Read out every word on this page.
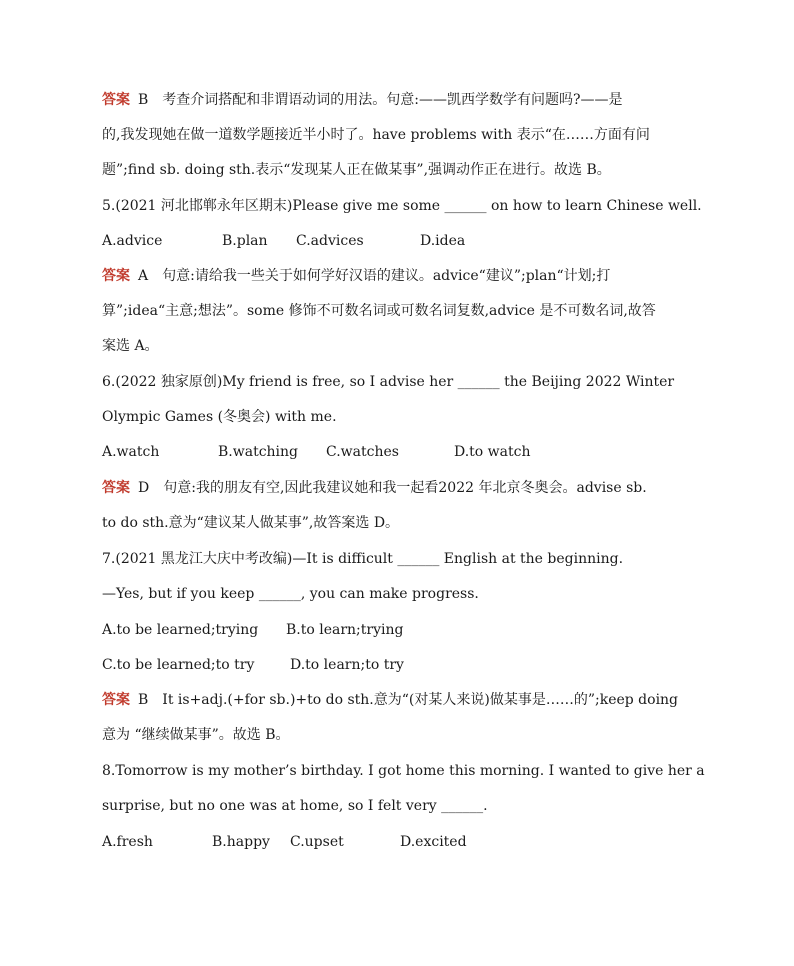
答案 B 考查介词搭配和非谓语动词的用法。句意:——凯西学数学有问题吗?——是
的,我发现她在做一道数学题接近半小时了。have problems with 表示“在……方面有问
题”;find sb. doing sth.表示“发现某人正在做某事”,强调动作正在进行。故选 B。
5.(2021 河北邯郸永年区期末)Please give me some ______ on how to learn Chinese well.
A.advice	B.plan C.advices	D.idea
答案 A 句意:请给我一些关于如何学好汉语的建议。advice“建议”;plan“计划;打
算”;idea“主意;想法”。some 修饰不可数名词或可数名词复数,advice 是不可数名词,故答
案选 A。
6.(2022 独家原创)My friend is free, so I advise her ______ the Beijing 2022 Winter
Olympic Games (冬奥会) with me.
A.watch	B.watching C.watches	D.to watch
答案 D 句意:我的朋友有空,因此我建议她和我一起看2022 年北京冬奥会。advise sb.
to do sth.意为“建议某人做某事”,故答案选 D。
7.(2021 黑龙江大庆中考改编)—It is difficult ______ English at the beginning.
—Yes, but if you keep ______, you can make progress.
A.to be learned;trying B.to learn;trying
C.to be learned;to try	D.to learn;to try
答案 B It is+adj.(+for sb.)+to do sth.意为“(对某人来说)做某事是……的”;keep doing
意为 “继续做某事”。故选 B。
8.Tomorrow is my mother’s birthday. I got home this morning. I wanted to give her a
surprise, but no one was at home, so I felt very ______.
A.fresh	B.happy C.upset	D.excited
